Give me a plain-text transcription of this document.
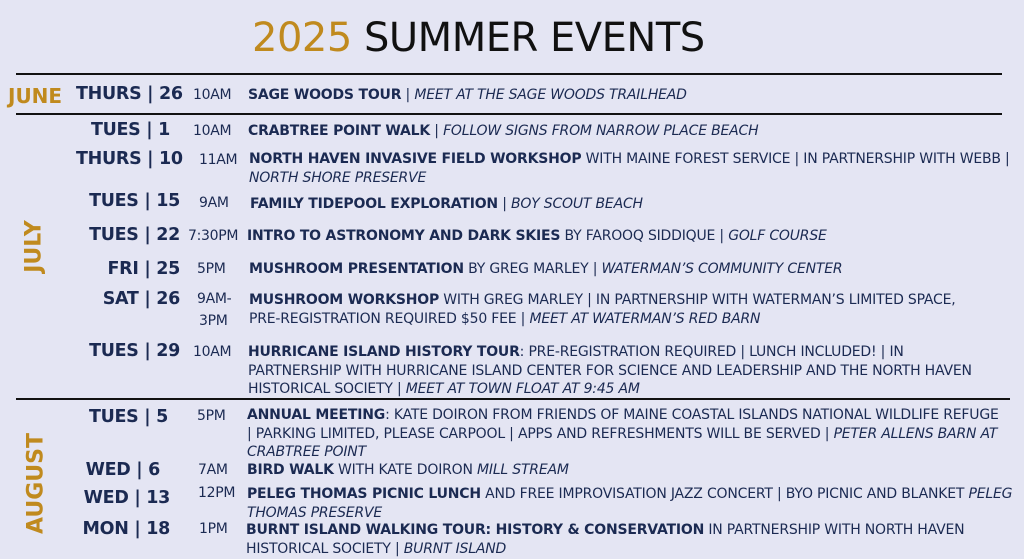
2025 SUMMER EVENTS
JUNE
JULY
AUGUST
THURS | 26 10AM SAGE WOODS TOUR | MEET AT THE SAGE WOODS TRAILHEAD
TUES | 1 10AM CRABTREE POINT WALK | FOLLOW SIGNS FROM NARROW PLACE BEACH
THURS | 10 11AM NORTH HAVEN INVASIVE FIELD WORKSHOP WITH MAINE FOREST SERVICE | IN PARTNERSHIP WITH WEBB | NORTH SHORE PRESERVE
TUES | 15 9AM FAMILY TIDEPOOL EXPLORATION | BOY SCOUT BEACH
TUES | 22 7:30PM INTRO TO ASTRONOMY AND DARK SKIES BY FAROOQ SIDDIQUE | GOLF COURSE
FRI | 25 5PM MUSHROOM PRESENTATION BY GREG MARLEY | WATERMAN’S COMMUNITY CENTER
SAT | 26 9AM-
3PM
MUSHROOM WORKSHOP WITH GREG MARLEY | IN PARTNERSHIP WITH WATERMAN’S LIMITED SPACE, PRE-REGISTRATION REQUIRED $50 FEE | MEET AT WATERMAN’S RED BARN
TUES | 29 10AM HURRICANE ISLAND HISTORY TOUR: PRE-REGISTRATION REQUIRED | LUNCH INCLUDED! | IN PARTNERSHIP WITH HURRICANE ISLAND CENTER FOR SCIENCE AND LEADERSHIP AND THE NORTH HAVEN HISTORICAL SOCIETY | MEET AT TOWN FLOAT AT 9:45 AM
TUES | 5 5PM ANNUAL MEETING: KATE DOIRON FROM FRIENDS OF MAINE COASTAL ISLANDS NATIONAL WILDLIFE REFUGE | PARKING LIMITED, PLEASE CARPOOL | APPS AND REFRESHMENTS WILL BE SERVED | PETER ALLENS BARN AT CRABTREE POINT
WED | 6	7AM BIRD WALK WITH KATE DOIRON MILL STREAM
WED | 13 12PM PELEG THOMAS PICNIC LUNCH AND FREE IMPROVISATION JAZZ CONCERT | BYO PICNIC AND BLANKET PELEG THOMAS PRESERVE
MON | 18 1PM BURNT ISLAND WALKING TOUR: HISTORY & CONSERVATION IN PARTNERSHIP WITH NORTH HAVEN HISTORICAL SOCIETY | BURNT ISLAND
